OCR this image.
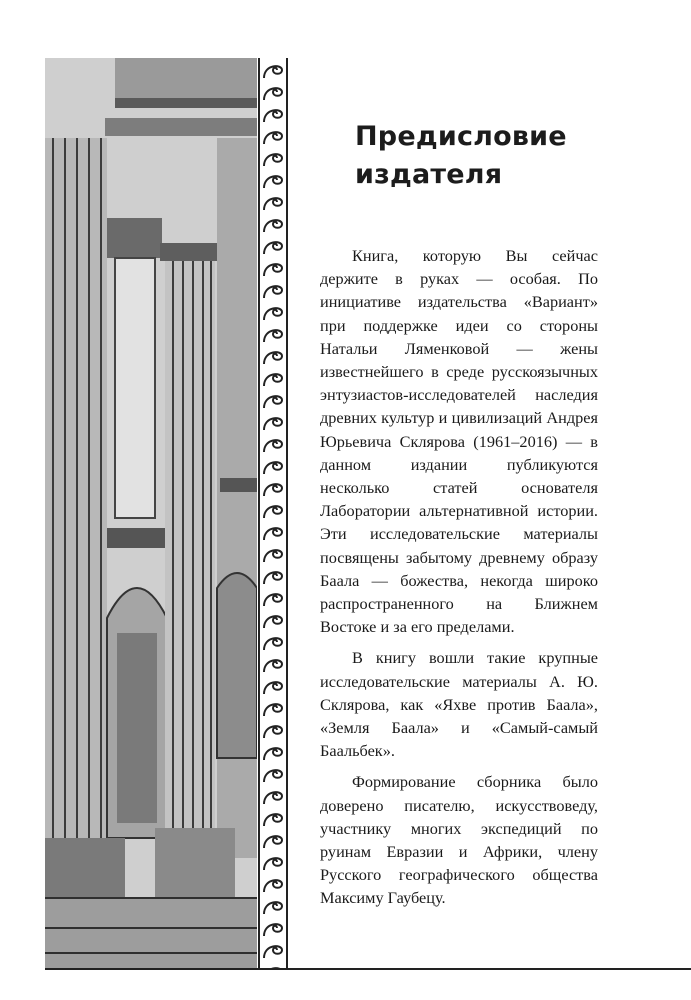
Предисловие
издателя

Книга, которую Вы сейчас держите в руках — особая. По инициативе издательства «Вариант» при поддержке идеи со стороны Натальи Ляменковой — жены известнейшего в среде русскоязычных энтузиастов-исследователей наследия древних культур и цивилизаций Андрея Юрьевича Склярова (1961–2016) — в данном издании публикуются несколько статей основателя Лаборатории альтернативной истории. Эти исследовательские материалы посвящены забытому древнему образу Баала — божества, некогда широко распространенного на Ближнем Востоке и за его пределами.

В книгу вошли такие крупные исследовательские материалы А. Ю. Склярова, как «Яхве против Баала», «Земля Баала» и «Самый-самый Баальбек».

Формирование сборника было доверено писателю, искусствоведу, участнику многих экспедиций по руинам Евразии и Африки, члену Русского географического общества Максиму Гаубецу.
